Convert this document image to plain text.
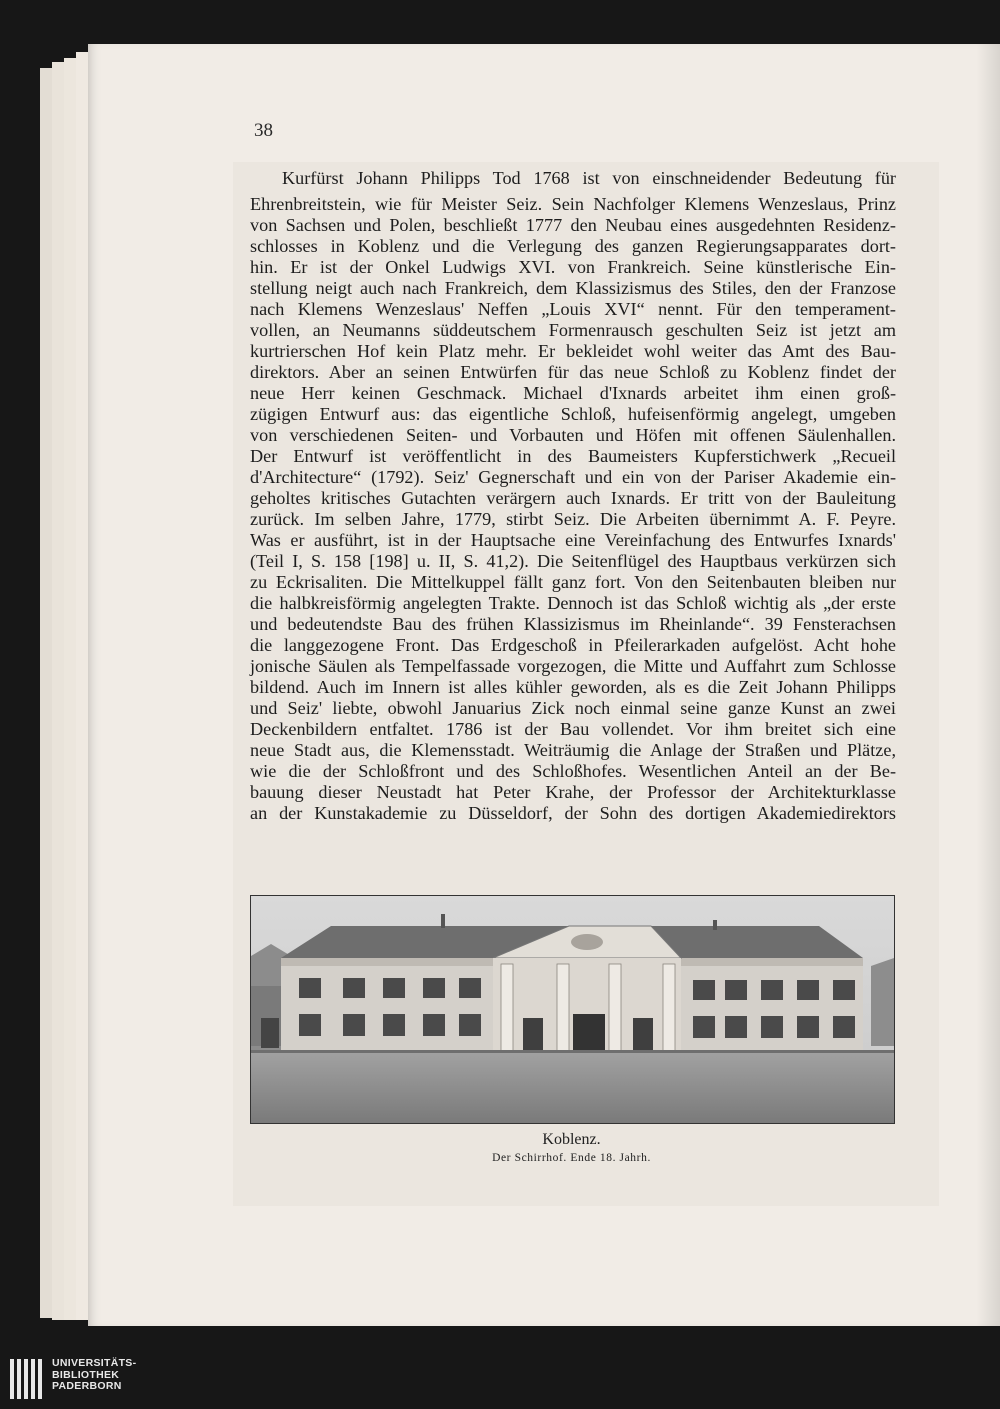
38
Kurfürst Johann Philipps Tod 1768 ist von einschneidender Bedeutung für
Ehrenbreitstein, wie für Meister Seiz. Sein Nachfolger Klemens Wenzeslaus, Prinz
von Sachsen und Polen, beschließt 1777 den Neubau eines ausgedehnten Residenz-
schlosses in Koblenz und die Verlegung des ganzen Regierungsapparates dort-
hin. Er ist der Onkel Ludwigs XVI. von Frankreich. Seine künstlerische Ein-
stellung neigt auch nach Frankreich, dem Klassizismus des Stiles, den der Franzose
nach Klemens Wenzeslaus' Neffen „Louis XVI“ nennt. Für den temperament-
vollen, an Neumanns süddeutschem Formenrausch geschulten Seiz ist jetzt am
kurtrierschen Hof kein Platz mehr. Er bekleidet wohl weiter das Amt des Bau-
direktors. Aber an seinen Entwürfen für das neue Schloß zu Koblenz findet der
neue Herr keinen Geschmack. Michael d'Ixnards arbeitet ihm einen groß-
zügigen Entwurf aus: das eigentliche Schloß, hufeisenförmig angelegt, umgeben
von verschiedenen Seiten- und Vorbauten und Höfen mit offenen Säulenhallen.
Der Entwurf ist veröffentlicht in des Baumeisters Kupferstichwerk „Recueil
d'Architecture“ (1792). Seiz' Gegnerschaft und ein von der Pariser Akademie ein-
geholtes kritisches Gutachten verärgern auch Ixnards. Er tritt von der Bauleitung
zurück. Im selben Jahre, 1779, stirbt Seiz. Die Arbeiten übernimmt A. F. Peyre.
Was er ausführt, ist in der Hauptsache eine Vereinfachung des Entwurfes Ixnards'
(Teil I, S. 158 [198] u. II, S. 41,2). Die Seitenflügel des Hauptbaus verkürzen sich
zu Eckrisaliten. Die Mittelkuppel fällt ganz fort. Von den Seitenbauten bleiben nur
die halbkreisförmig angelegten Trakte. Dennoch ist das Schloß wichtig als „der erste
und bedeutendste Bau des frühen Klassizismus im Rheinlande“. 39 Fensterachsen
die langgezogene Front. Das Erdgeschoß in Pfeilerarkaden aufgelöst. Acht hohe
jonische Säulen als Tempelfassade vorgezogen, die Mitte und Auffahrt zum Schlosse
bildend. Auch im Innern ist alles kühler geworden, als es die Zeit Johann Philipps
und Seiz' liebte, obwohl Januarius Zick noch einmal seine ganze Kunst an zwei
Deckenbildern entfaltet. 1786 ist der Bau vollendet. Vor ihm breitet sich eine
neue Stadt aus, die Klemensstadt. Weiträumig die Anlage der Straßen und Plätze,
wie die der Schloßfront und des Schloßhofes. Wesentlichen Anteil an der Be-
bauung dieser Neustadt hat Peter Krahe, der Professor der Architekturklasse
an der Kunstakademie zu Düsseldorf, der Sohn des dortigen Akademiedirektors
Koblenz.
Der Schirrhof. Ende 18. Jahrh.
UNIVERSITÄTS-
BIBLIOTHEK
PADERBORN
